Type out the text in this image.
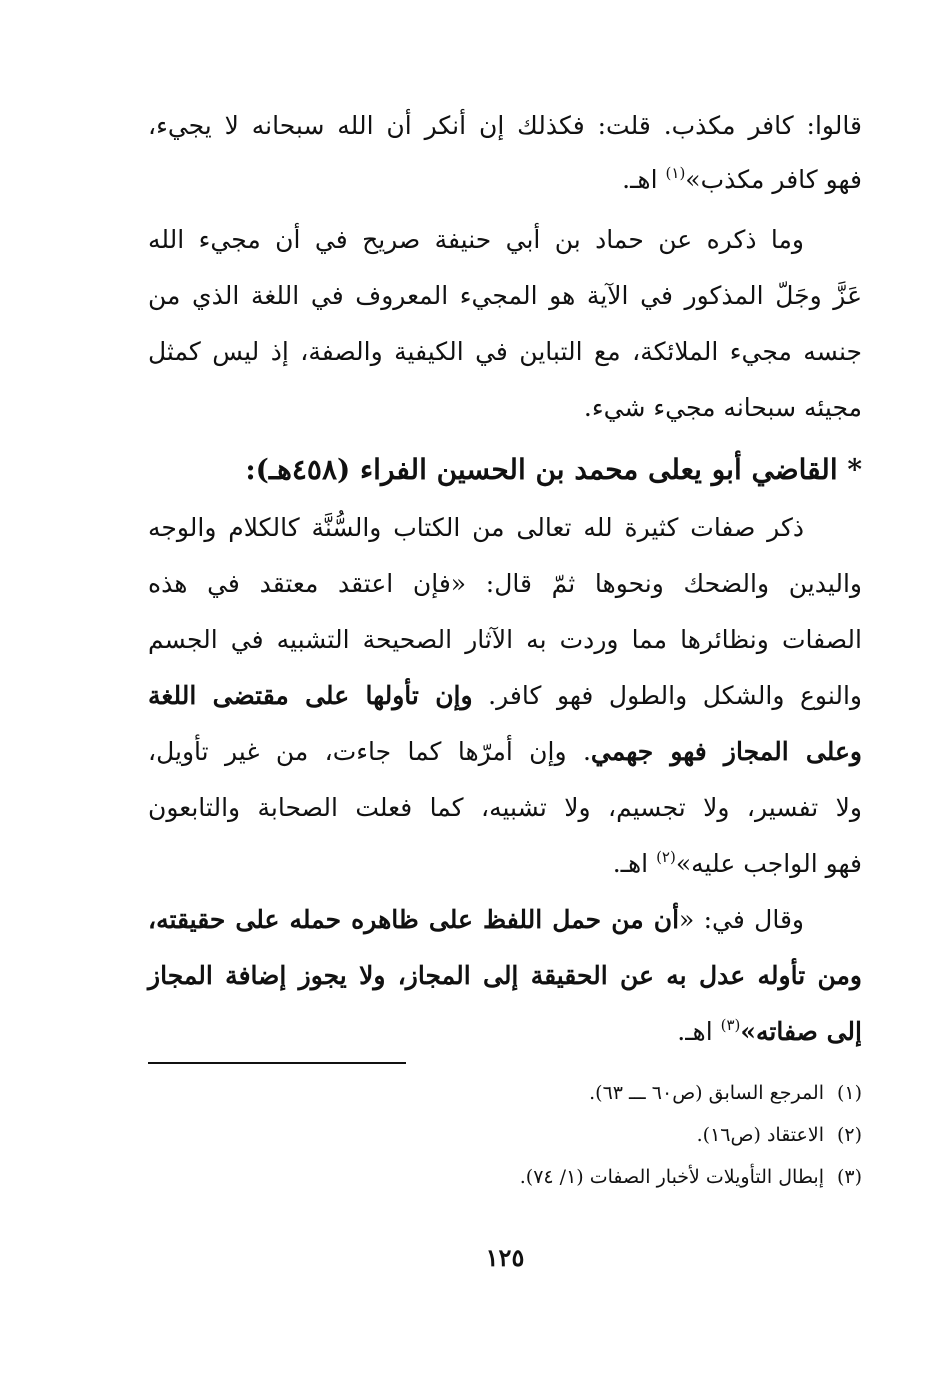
قالوا: كافر مكذب. قلت: فكذلك إن أنكر أن الله سبحانه لا يجيء،
فهو كافر مكذب»$^{(١)}$ اهـ.
وما ذكره عن حماد بن أبي حنيفة صريح في أن مجيء الله
عَزَّ وجَلّ المذكور في الآية هو المجيء المعروف في اللغة الذي من
جنسه مجيء الملائكة، مع التباين في الكيفية والصفة، إذ ليس كمثل
مجيئه سبحانه مجيء شيء.
* القاضي أبو يعلى محمد بن الحسين الفراء (٤٥٨هـ):
ذكر صفات كثيرة لله تعالى من الكتاب والسُّنَّة كالكلام والوجه
واليدين والضحك ونحوها ثمّ قال: «فإن اعتقد معتقد في هذه
الصفات ونظائرها مما وردت به الآثار الصحيحة التشبيه في الجسم
والنوع والشكل والطول فهو كافر. وإن تأولها على مقتضى اللغة
وعلى المجاز فهو جهمي. وإن أمرّها كما جاءت، من غير تأويل،
ولا تفسير، ولا تجسيم، ولا تشبيه، كما فعلت الصحابة والتابعون
فهو الواجب عليه»$^{(٢)}$ اهـ.
وقال في: «أن من حمل اللفظ على ظاهره حمله على حقيقته،
ومن تأوله عدل به عن الحقيقة إلى المجاز، ولا يجوز إضافة المجاز
إلى صفاته»$^{(٣)}$ اهـ.
(١)المرجع السابق (ص٦٠ ـــ ٦٣).
(٢)الاعتقاد (ص١٦).
(٣)إبطال التأويلات لأخبار الصفات (١/ ٧٤).
١٢٥
